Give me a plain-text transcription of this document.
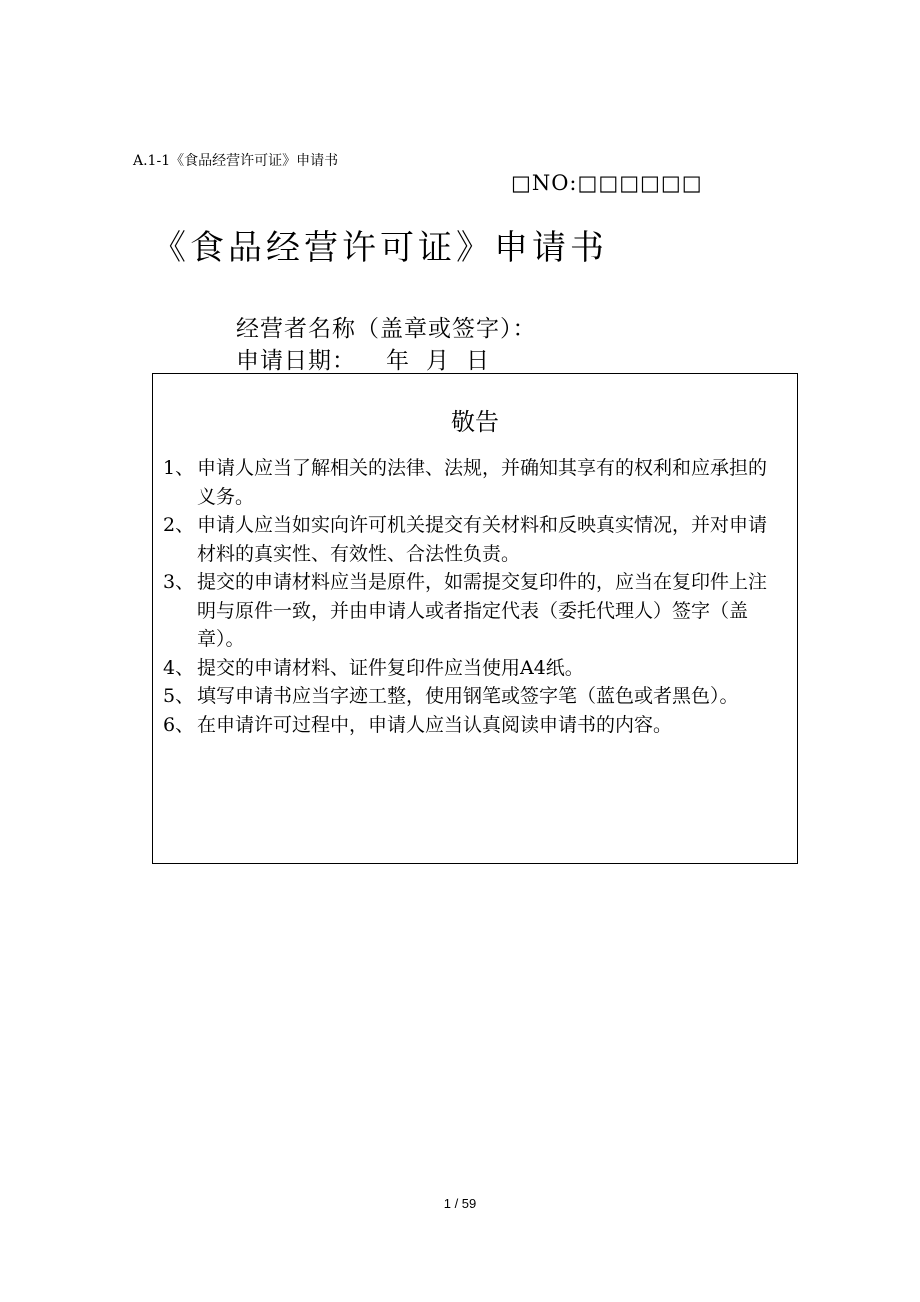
A.1-1《食品经营许可证》申请书
□NO:□□□□□□
《食品经营许可证》申请书
经营者名称（盖章或签字）：
申请日期： 年 月 日
敬告
1、 申请人应当了解相关的法律、法规，并确知其享有的权利和应承担的义务。
2、 申请人应当如实向许可机关提交有关材料和反映真实情况，并对申请材料的真实性、有效性、合法性负责。
3、 提交的申请材料应当是原件，如需提交复印件的，应当在复印件上注明与原件一致，并由申请人或者指定代表（委托代理人）签字（盖章）。
4、 提交的申请材料、证件复印件应当使用A4纸。
5、 填写申请书应当字迹工整，使用钢笔或签字笔（蓝色或者黑色）。
6、 在申请许可过程中，申请人应当认真阅读申请书的内容。
1 / 59
